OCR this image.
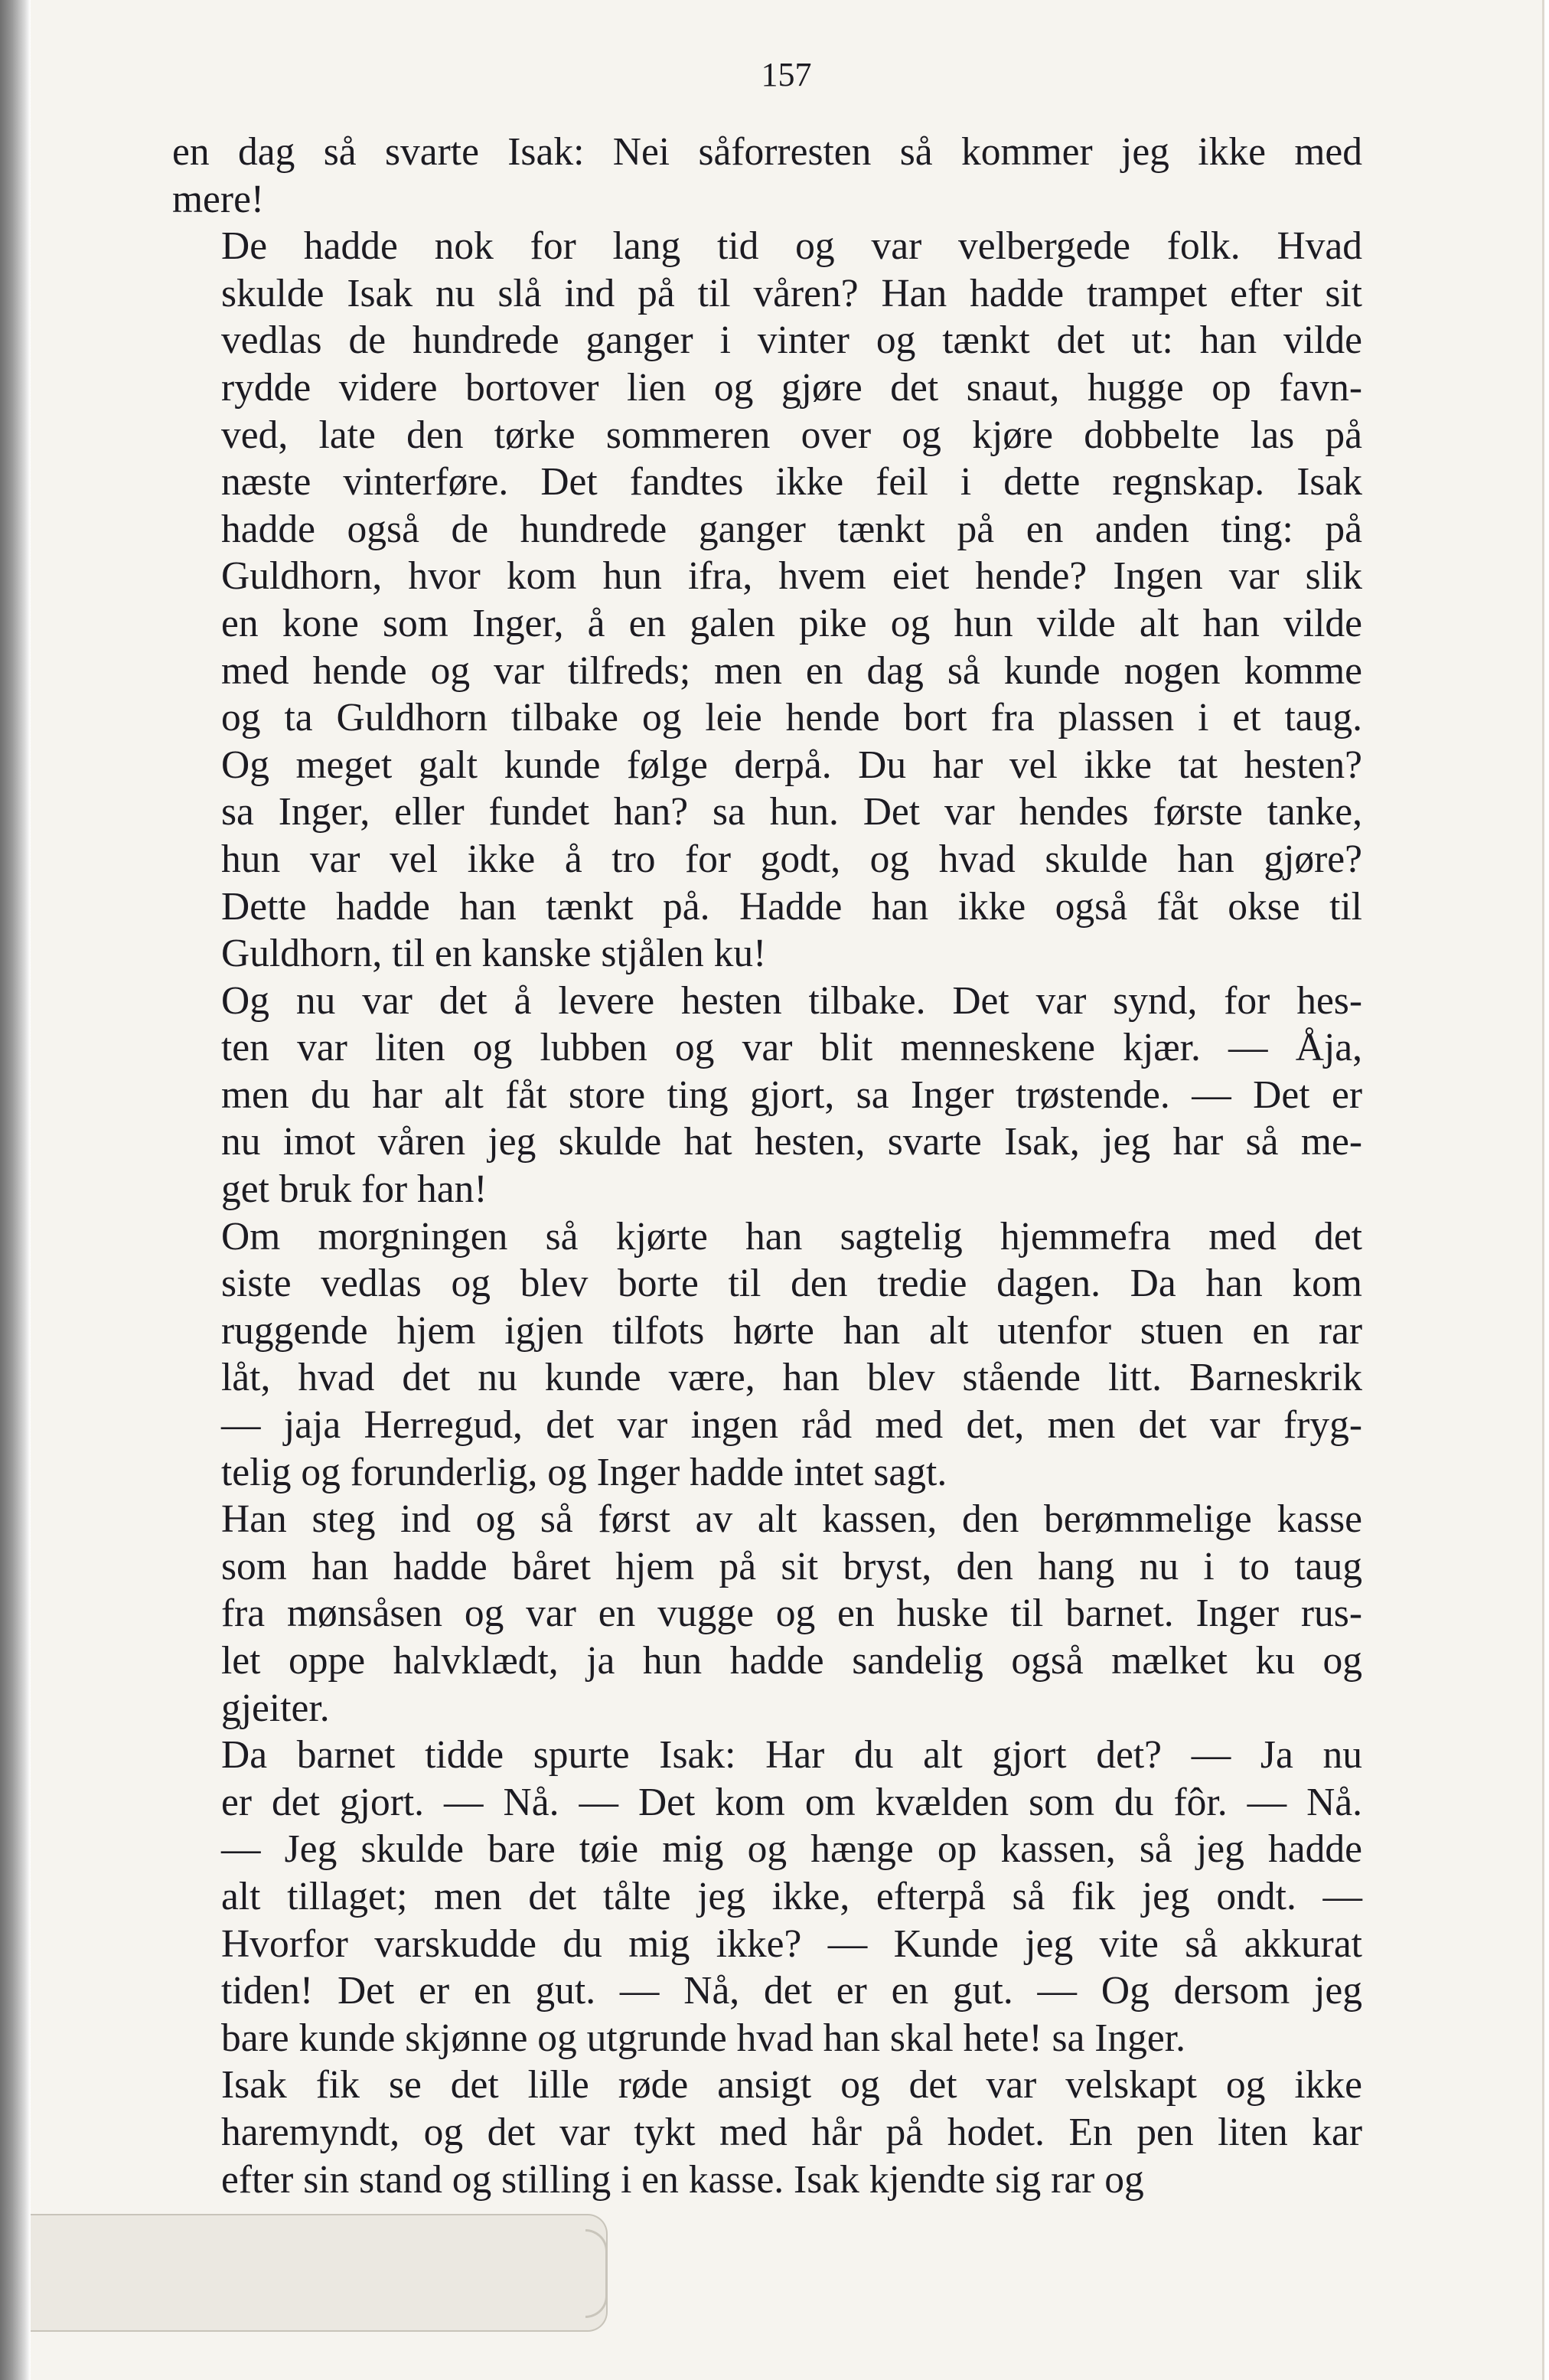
157
en dag så svarte Isak: Nei såforresten så kommer jeg ikke med
mere!
De hadde nok for lang tid og var velbergede folk. Hvad
skulde Isak nu slå ind på til våren? Han hadde trampet efter sit
vedlas de hundrede ganger i vinter og tænkt det ut: han vilde
rydde videre bortover lien og gjøre det snaut, hugge op favn-
ved, late den tørke sommeren over og kjøre dobbelte las på
næste vinterføre. Det fandtes ikke feil i dette regnskap. Isak
hadde også de hundrede ganger tænkt på en anden ting: på
Guldhorn, hvor kom hun ifra, hvem eiet hende? Ingen var slik
en kone som Inger, å en galen pike og hun vilde alt han vilde
med hende og var tilfreds; men en dag så kunde nogen komme
og ta Guldhorn tilbake og leie hende bort fra plassen i et taug.
Og meget galt kunde følge derpå. Du har vel ikke tat hesten?
sa Inger, eller fundet han? sa hun. Det var hendes første tanke,
hun var vel ikke å tro for godt, og hvad skulde han gjøre?
Dette hadde han tænkt på. Hadde han ikke også fåt okse til
Guldhorn, til en kanske stjålen ku!
Og nu var det å levere hesten tilbake. Det var synd, for hes-
ten var liten og lubben og var blit menneskene kjær. — Åja,
men du har alt fåt store ting gjort, sa Inger trøstende. — Det er
nu imot våren jeg skulde hat hesten, svarte Isak, jeg har så me-
get bruk for han!
Om morgningen så kjørte han sagtelig hjemmefra med det
siste vedlas og blev borte til den tredie dagen. Da han kom
ruggende hjem igjen tilfots hørte han alt utenfor stuen en rar
låt, hvad det nu kunde være, han blev stående litt. Barneskrik
— jaja Herregud, det var ingen råd med det, men det var fryg-
telig og forunderlig, og Inger hadde intet sagt.
Han steg ind og så først av alt kassen, den berømmelige kasse
som han hadde båret hjem på sit bryst, den hang nu i to taug
fra mønsåsen og var en vugge og en huske til barnet. Inger rus-
let oppe halvklædt, ja hun hadde sandelig også mælket ku og
gjeiter.
Da barnet tidde spurte Isak: Har du alt gjort det? — Ja nu
er det gjort. — Nå. — Det kom om kvælden som du fôr. — Nå.
— Jeg skulde bare tøie mig og hænge op kassen, så jeg hadde
alt tillaget; men det tålte jeg ikke, efterpå så fik jeg ondt. —
Hvorfor varskudde du mig ikke? — Kunde jeg vite så akkurat
tiden! Det er en gut. — Nå, det er en gut. — Og dersom jeg
bare kunde skjønne og utgrunde hvad han skal hete! sa Inger.
Isak fik se det lille røde ansigt og det var velskapt og ikke
haremyndt, og det var tykt med hår på hodet. En pen liten kar
efter sin stand og stilling i en kasse. Isak kjendte sig rar og
